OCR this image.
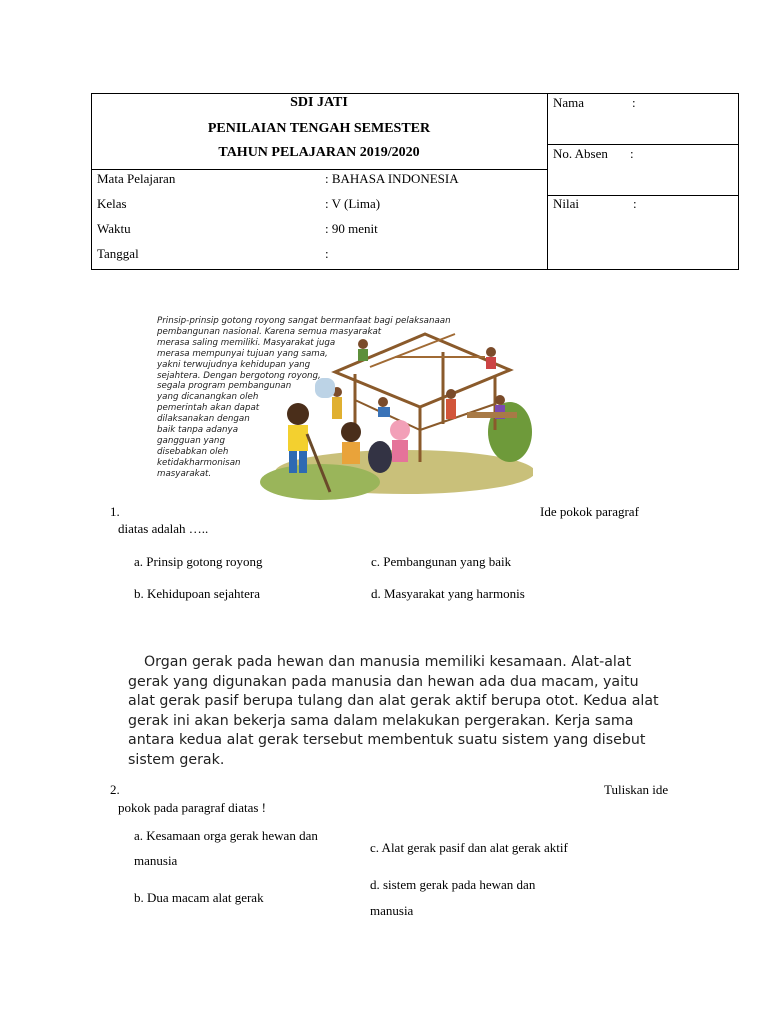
SDI JATI
PENILAIAN TENGAH SEMESTER
TAHUN PELAJARAN 2019/2020
Mata Pelajaran	: BAHASA INDONESIA
Kelas	: V (Lima)
Waktu	: 90 menit
Tanggal	:
Nama	:
No. Absen :
Nilai	:
Prinsip-prinsip gotong royong sangat bermanfaat bagi pelaksanaan
pembangunan nasional. Karena semua masyarakat
merasa saling memiliki. Masyarakat juga
merasa mempunyai tujuan yang sama,
yakni terwujudnya kehidupan yang
sejahtera. Dengan bergotong royong,
segala program pembangunan
yang dicanangkan oleh
pemerintah akan dapat
dilaksanakan dengan
baik tanpa adanya
gangguan yang
disebabkan oleh
ketidakharmonisan
masyarakat.
1.	Ide pokok paragraf
diatas adalah …..
a. Prinsip gotong royong
b. Kehidupoan sejahtera
c. Pembangunan yang baik
d. Masyarakat yang harmonis
Organ gerak pada hewan dan manusia memiliki kesamaan. Alat-alat
gerak yang digunakan pada manusia dan hewan ada dua macam, yaitu
alat gerak pasif berupa tulang dan alat gerak aktif berupa otot. Kedua alat
gerak ini akan bekerja sama dalam melakukan pergerakan. Kerja sama
antara kedua alat gerak tersebut membentuk suatu sistem yang disebut
sistem gerak.
2.	Tuliskan ide
pokok pada paragraf diatas !
a. Kesamaan orga gerak hewan dan
manusia
b. Dua macam alat gerak
c. Alat gerak pasif dan alat gerak aktif
d. sistem gerak pada hewan dan
manusia
